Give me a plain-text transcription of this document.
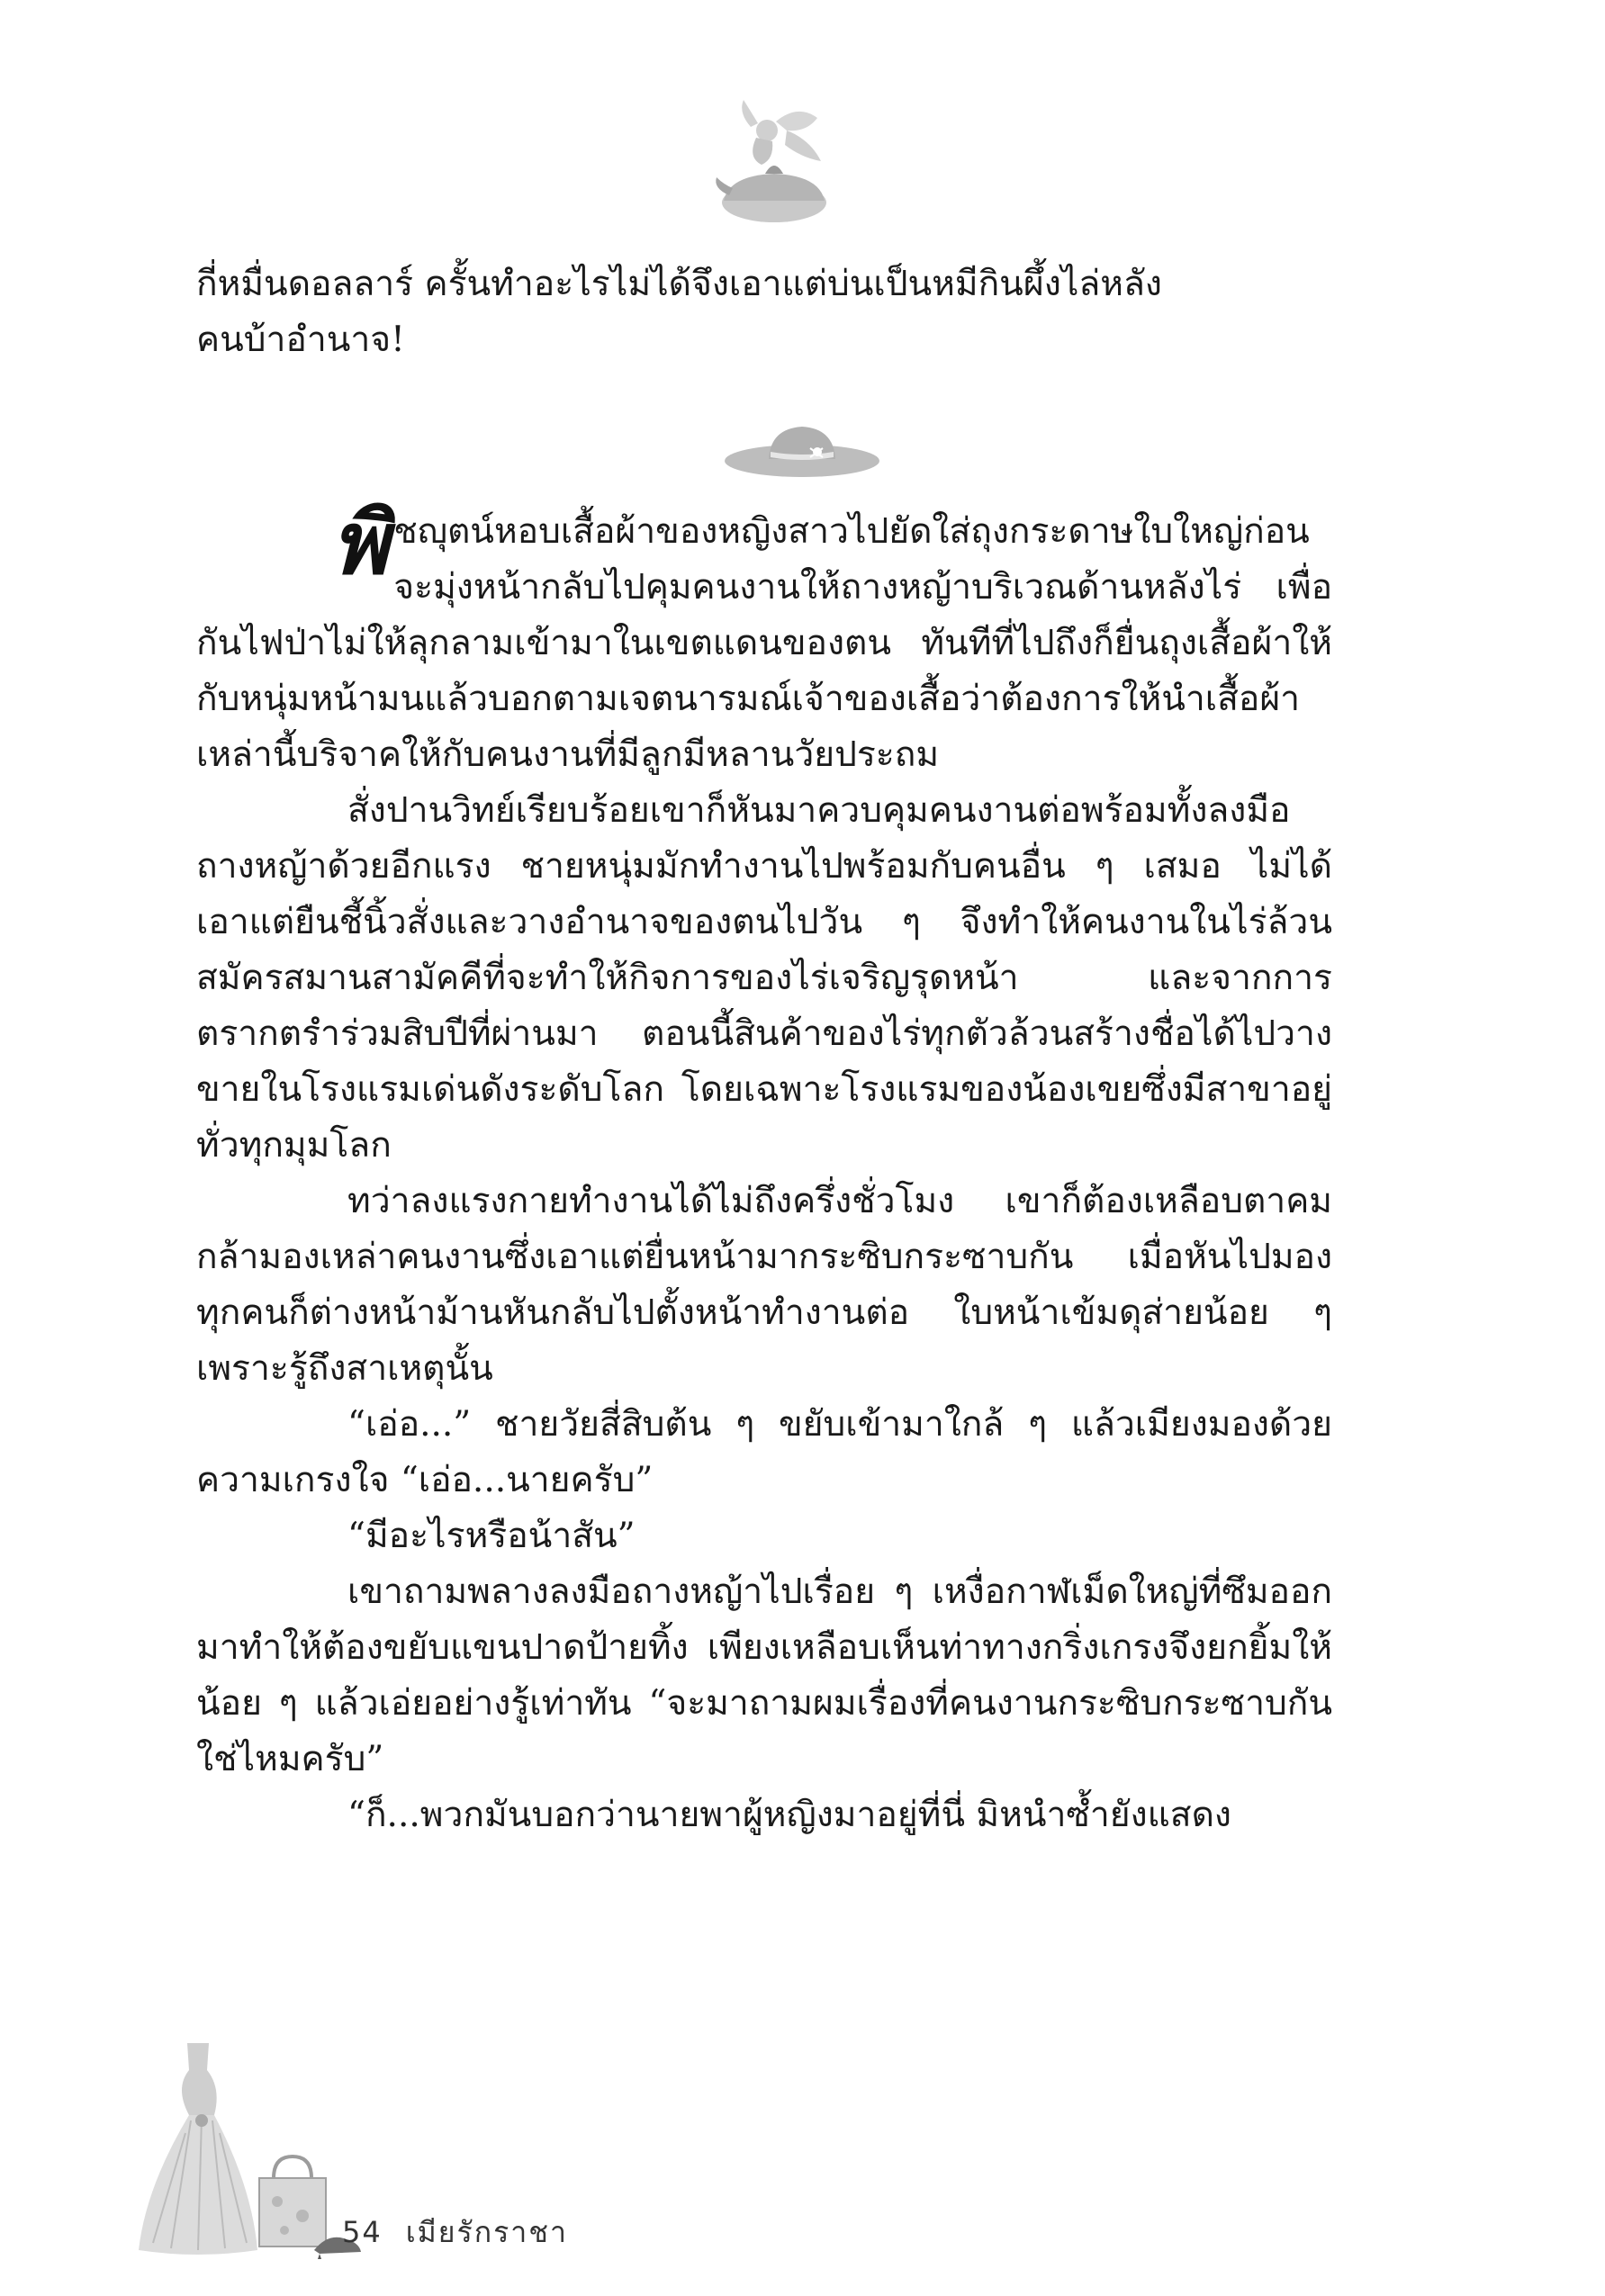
กี่หมื่นดอลลาร์ ครั้นทำอะไรไม่ได้จึงเอาแต่บ่นเป็นหมีกินผึ้งไล่หลัง

คนบ้าอำนาจ!

พิชญุตน์หอบเสื้อผ้าของหญิงสาวไปยัดใส่ถุงกระดาษใบใหญ่ก่อนจะมุ่งหน้ากลับไปคุมคนงานให้ถางหญ้าบริเวณด้านหลังไร่ เพื่อกันไฟป่าไม่ให้ลุกลามเข้ามาในเขตแดนของตน ทันทีที่ไปถึงก็ยื่นถุงเสื้อผ้าให้กับหนุ่มหน้ามนแล้วบอกตามเจตนารมณ์เจ้าของเสื้อว่าต้องการให้นำเสื้อผ้าเหล่านี้บริจาคให้กับคนงานที่มีลูกมีหลานวัยประถม

สั่งปานวิทย์เรียบร้อยเขาก็หันมาควบคุมคนงานต่อพร้อมทั้งลงมือถางหญ้าด้วยอีกแรง ชายหนุ่มมักทำงานไปพร้อมกับคนอื่น ๆ เสมอ ไม่ได้เอาแต่ยืนชี้นิ้วสั่งและวางอำนาจของตนไปวัน ๆ จึงทำให้คนงานในไร่ล้วนสมัครสมานสามัคคีที่จะทำให้กิจการของไร่เจริญรุดหน้า และจากการตรากตรำร่วมสิบปีที่ผ่านมา ตอนนี้สินค้าของไร่ทุกตัวล้วนสร้างชื่อได้ไปวางขายในโรงแรมเด่นดังระดับโลก โดยเฉพาะโรงแรมของน้องเขยซึ่งมีสาขาอยู่ทั่วทุกมุมโลก

ทว่าลงแรงกายทำงานได้ไม่ถึงครึ่งชั่วโมง เขาก็ต้องเหลือบตาคมกล้ามองเหล่าคนงานซึ่งเอาแต่ยื่นหน้ามากระซิบกระซาบกัน เมื่อหันไปมองทุกคนก็ต่างหน้าม้านหันกลับไปตั้งหน้าทำงานต่อ ใบหน้าเข้มดุส่ายน้อย ๆ เพราะรู้ถึงสาเหตุนั้น

“เอ่อ...” ชายวัยสี่สิบต้น ๆ ขยับเข้ามาใกล้ ๆ แล้วเมียงมองด้วยความเกรงใจ “เอ่อ...นายครับ”

“มีอะไรหรือน้าสัน”

เขาถามพลางลงมือถางหญ้าไปเรื่อย ๆ เหงื่อกาฬเม็ดใหญ่ที่ซึมออกมาทำให้ต้องขยับแขนปาดป้ายทิ้ง เพียงเหลือบเห็นท่าทางกริ่งเกรงจึงยกยิ้มให้น้อย ๆ แล้วเอ่ยอย่างรู้เท่าทัน “จะมาถามผมเรื่องที่คนงานกระซิบกระซาบกันใช่ไหมครับ”

“ก็...พวกมันบอกว่านายพาผู้หญิงมาอยู่ที่นี่ มิหนำซ้ำยังแสดง

54 เมียรักราชา
